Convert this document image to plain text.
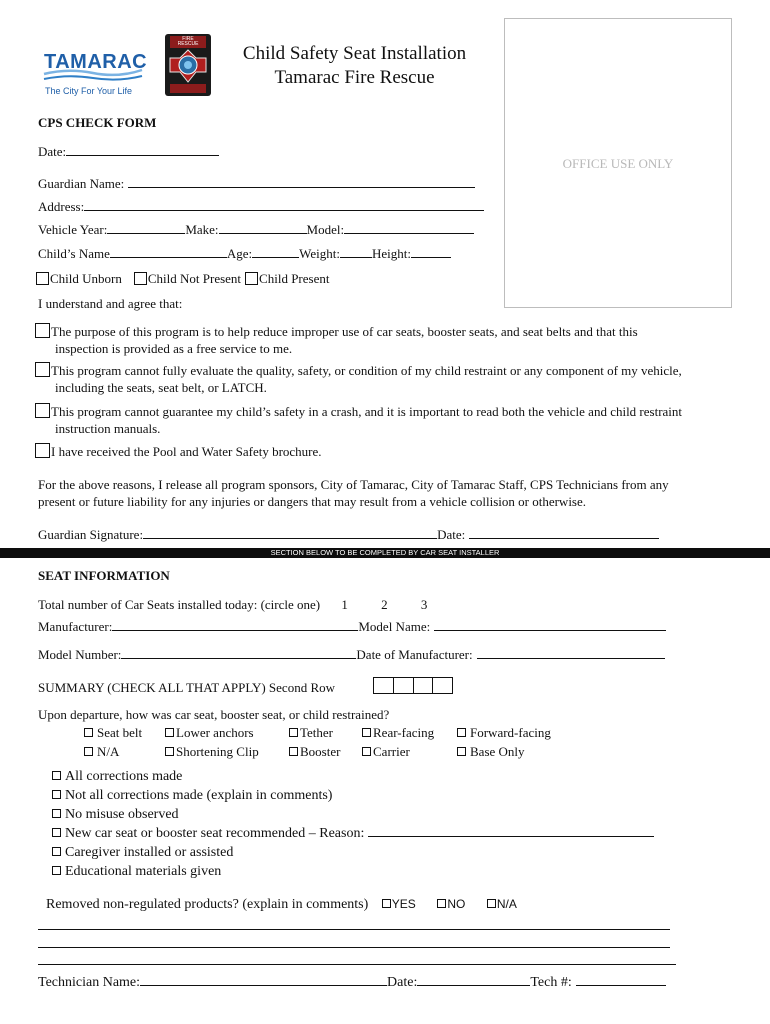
TAMARAC
The City For Your Life
FIRE RESCUE	Child Safety Seat Installation
Tamarac Fire Rescue
OFFICE USE ONLY
CPS CHECK FORM
Date:
Guardian Name:
Address:
Vehicle Year:	Make:	Model:
Child’s Name	Age:	Weight: Height:
Child Unborn Child Not Present Child Present
I understand and agree that:
The purpose of this program is to help reduce improper use of car seats, booster seats, and seat belts and that this
inspection is provided as a free service to me.
This program cannot fully evaluate the quality, safety, or condition of my child restraint or any component of my vehicle,
including the seats, seat belt, or LATCH.
This program cannot guarantee my child’s safety in a crash, and it is important to read both the vehicle and child restraint
instruction manuals.
I have received the Pool and Water Safety brochure.
For the above reasons, I release all program sponsors, City of Tamarac, City of Tamarac Staff, CPS Technicians from any
present or future liability for any injuries or dangers that may result from a vehicle collision or otherwise.
Guardian Signature:	Date:
SECTION BELOW TO BE COMPLETED BY CAR SEAT INSTALLER
SEAT INFORMATION
Total number of Car Seats installed today: (circle one) 1	2	3
Manufacturer:	Model Name:
Model Number:	Date of Manufacturer:
SUMMARY (CHECK ALL THAT APPLY) Second Row
Upon departure, how was car seat, booster seat, or child restrained?
Seat belt	Lower anchors	Tether	Rear-facing	Forward-facing
N/A	Shortening Clip	Booster	Carrier	Base Only
All corrections made
Not all corrections made (explain in comments)
No misuse observed
New car seat or booster seat recommended – Reason:
Caregiver installed or assisted
Educational materials given
Removed non-regulated products? (explain in comments) YES	NO	N/A
Technician Name:	Date:	Tech #:
